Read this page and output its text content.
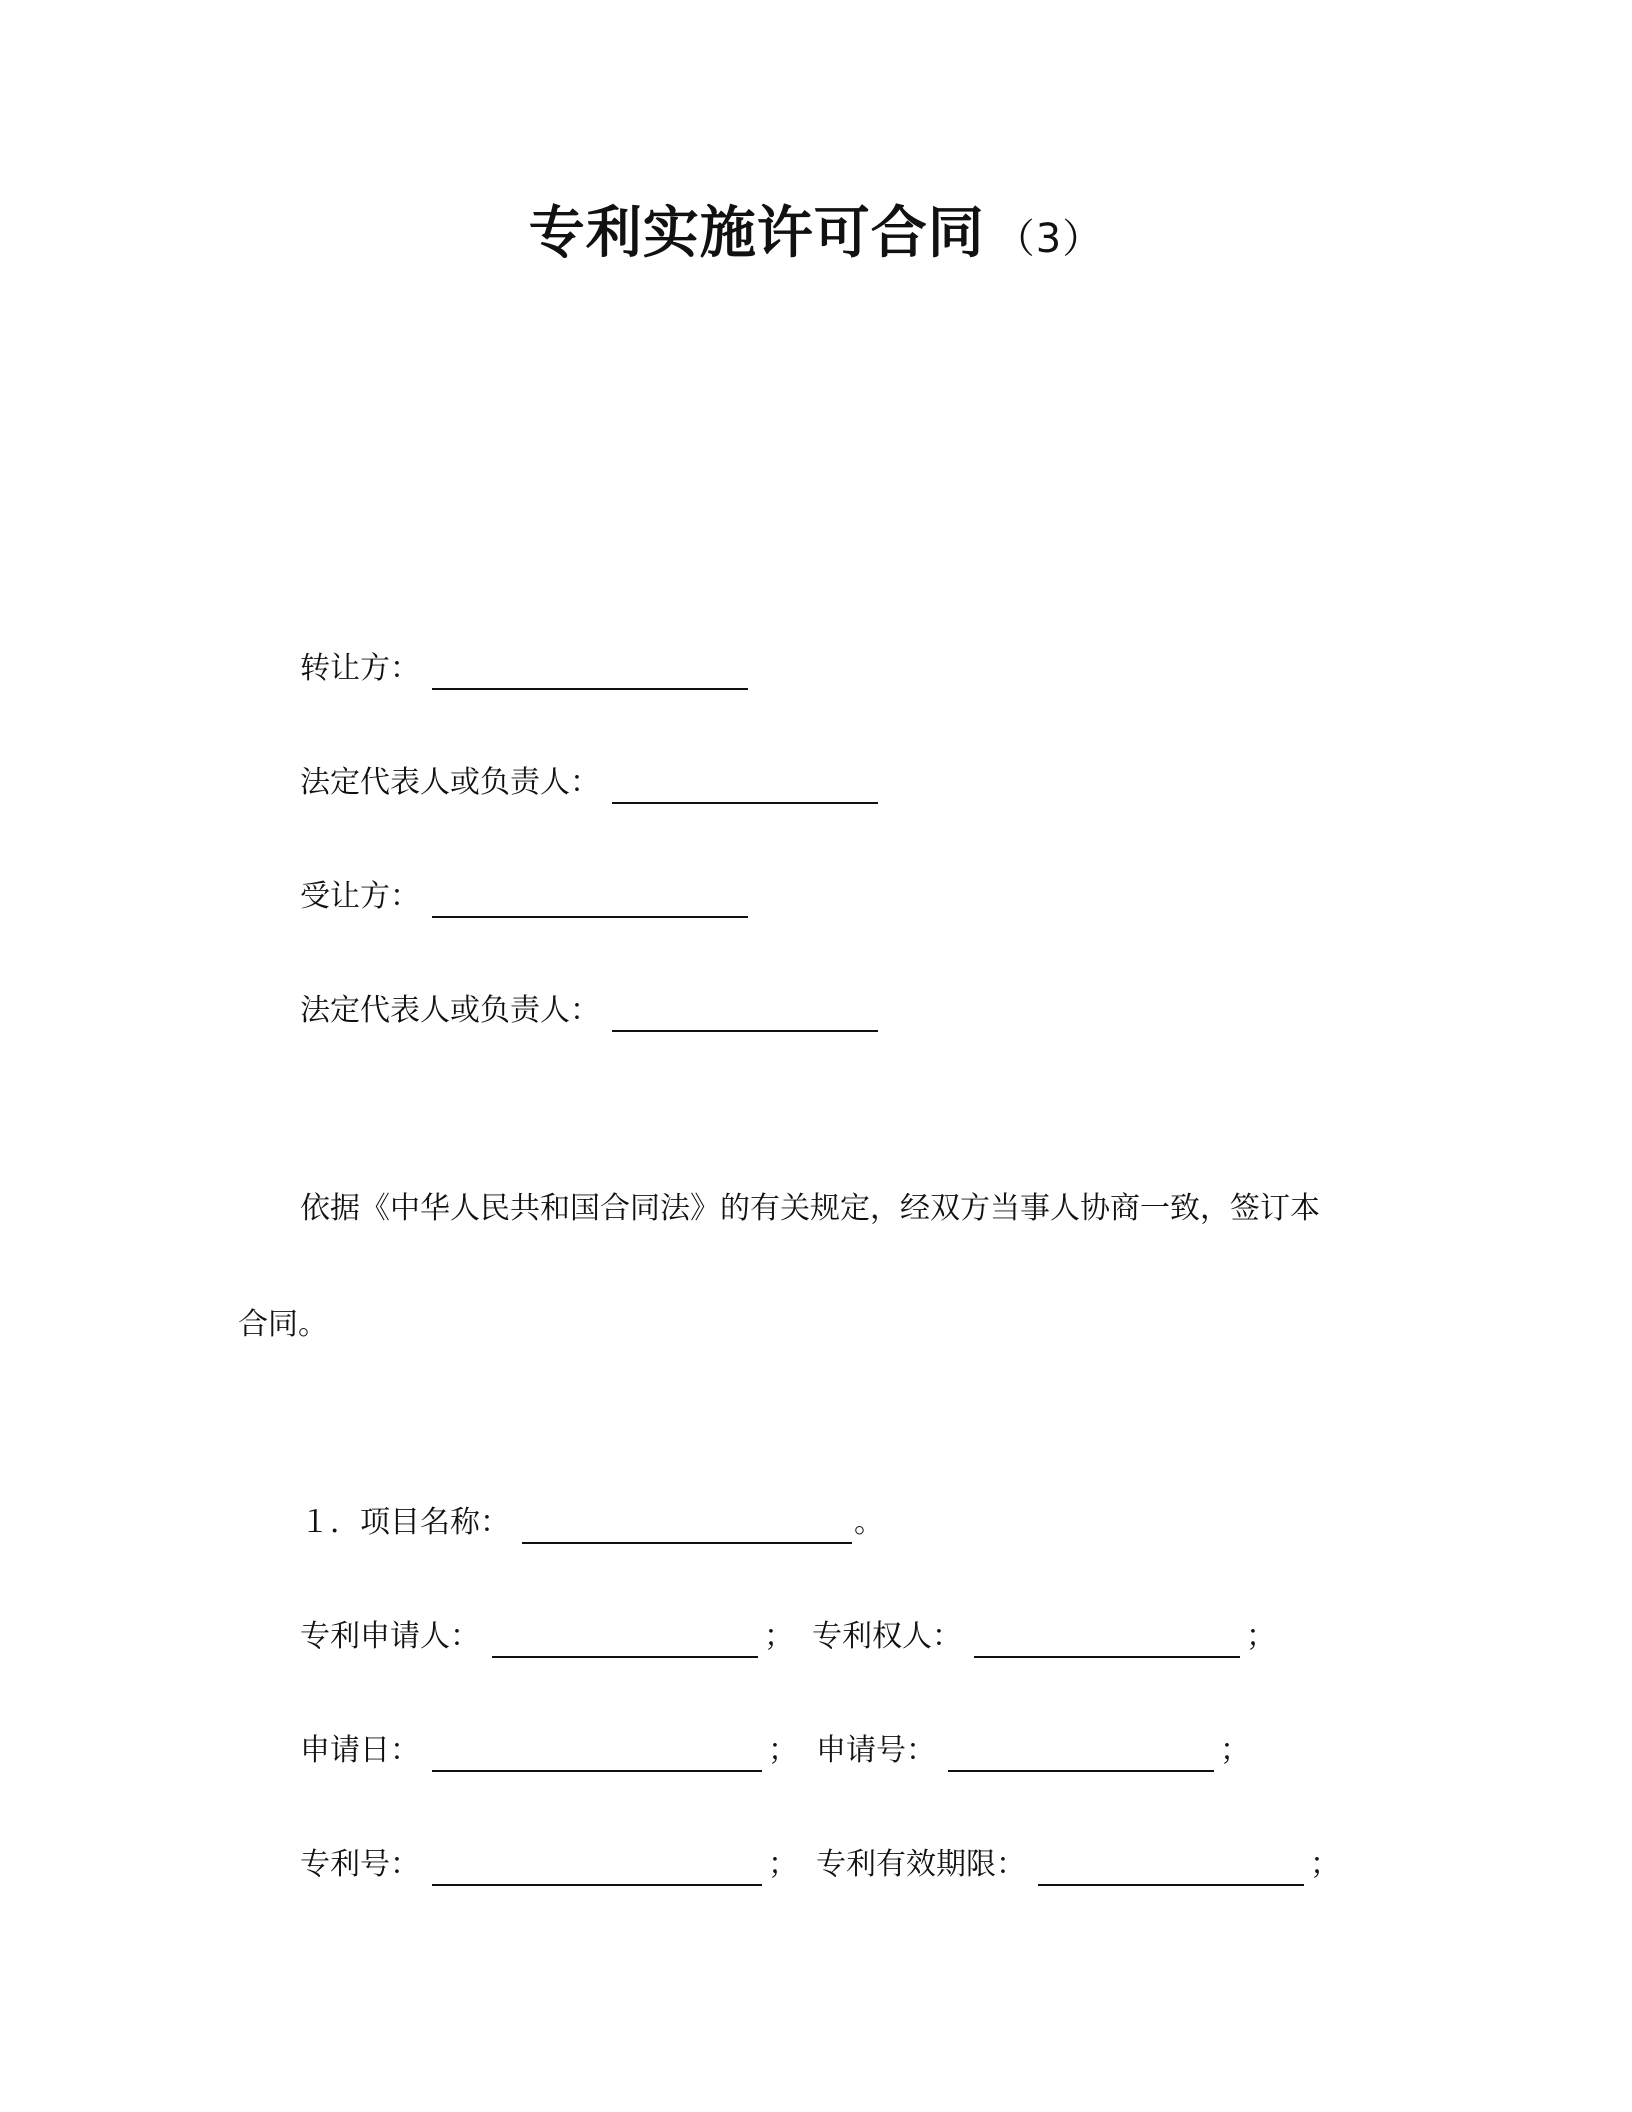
专利实施许可合同 （3）
转让方：
法定代表人或负责人：
受让方：
法定代表人或负责人：
依据《中华人民共和国合同法》的有关规定，经双方当事人协商一致，签订本
合同。
１．项目名称：	。
专利申请人：	； 专利权人：	；
申请日：	； 申请号：	；
专利号：	； 专利有效期限：	；
